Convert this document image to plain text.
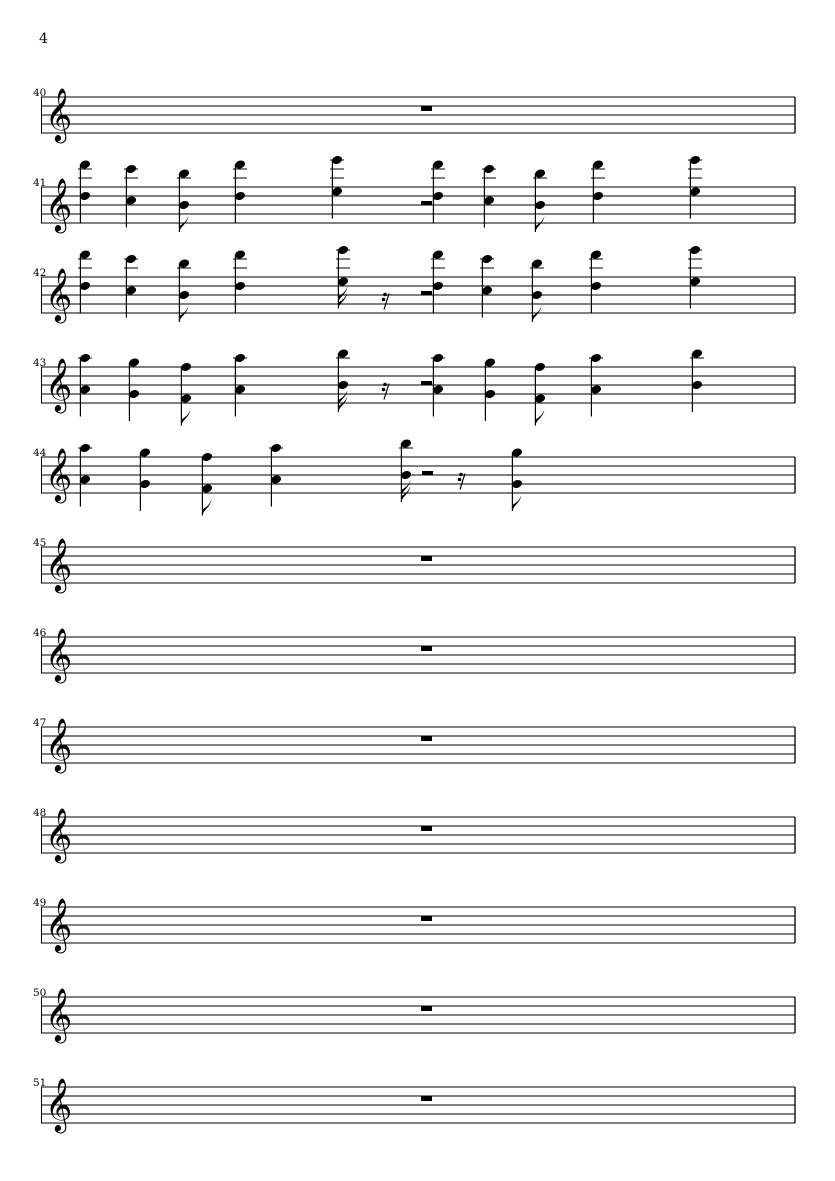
4
𝄞
40
𝄞
41
𝄞
42
𝄞
43
𝄞
44
𝄞
45
𝄞
46
𝄞
47
𝄞
48
𝄞
49
𝄞
50
𝄞
51
